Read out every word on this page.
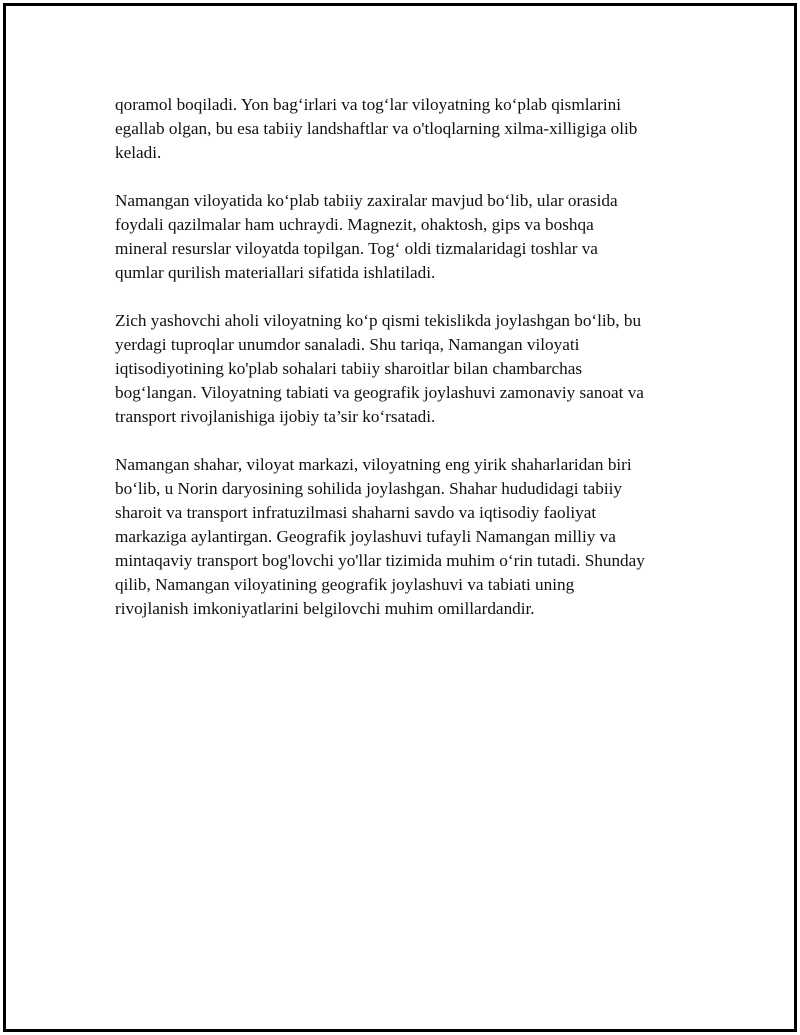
qoramol boqiladi. Yon bag‘irlari va tog‘lar viloyatning ko‘plab qismlarini
egallab olgan, bu esa tabiiy landshaftlar va o'tloqlarning xilma-xilligiga olib
keladi.

Namangan viloyatida ko‘plab tabiiy zaxiralar mavjud bo‘lib, ular orasida
foydali qazilmalar ham uchraydi. Magnezit, ohaktosh, gips va boshqa
mineral resurslar viloyatda topilgan. Tog‘ oldi tizmalaridagi toshlar va
qumlar qurilish materiallari sifatida ishlatiladi.

Zich yashovchi aholi viloyatning ko‘p qismi tekislikda joylashgan bo‘lib, bu
yerdagi tuproqlar unumdor sanaladi. Shu tariqa, Namangan viloyati
iqtisodiyotining ko'plab sohalari tabiiy sharoitlar bilan chambarchas
bog‘langan. Viloyatning tabiati va geografik joylashuvi zamonaviy sanoat va
transport rivojlanishiga ijobiy ta’sir ko‘rsatadi.

Namangan shahar, viloyat markazi, viloyatning eng yirik shaharlaridan biri
bo‘lib, u Norin daryosining sohilida joylashgan. Shahar hududidagi tabiiy
sharoit va transport infratuzilmasi shaharni savdo va iqtisodiy faoliyat
markaziga aylantirgan. Geografik joylashuvi tufayli Namangan milliy va
mintaqaviy transport bog'lovchi yo'llar tizimida muhim o‘rin tutadi. Shunday
qilib, Namangan viloyatining geografik joylashuvi va tabiati uning
rivojlanish imkoniyatlarini belgilovchi muhim omillardandir.
